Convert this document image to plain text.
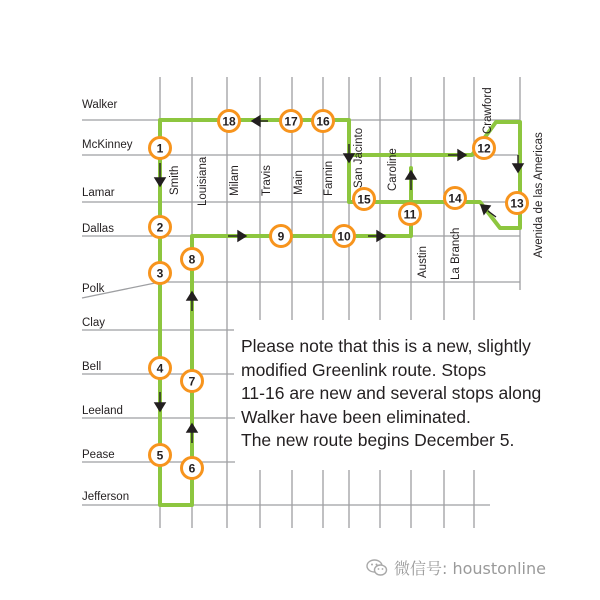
Walker
McKinney
Lamar
Dallas
Polk
Clay
Bell
Leeland
Pease
Jefferson
Smith Louisiana Milam Travis Main Fannin San Jacinto Caroline
Austin La Branch
Crawford
Avenida de las Americas
1
2
3
4
5
6
7
8
9	10
11
12
13
14
15
16
17
18
Please note that this is a new, slightly
modified Greenlink route. Stops
11-16 are new and several stops along
Walker have been eliminated.
The new route begins December 5.
微信号: houstonline
